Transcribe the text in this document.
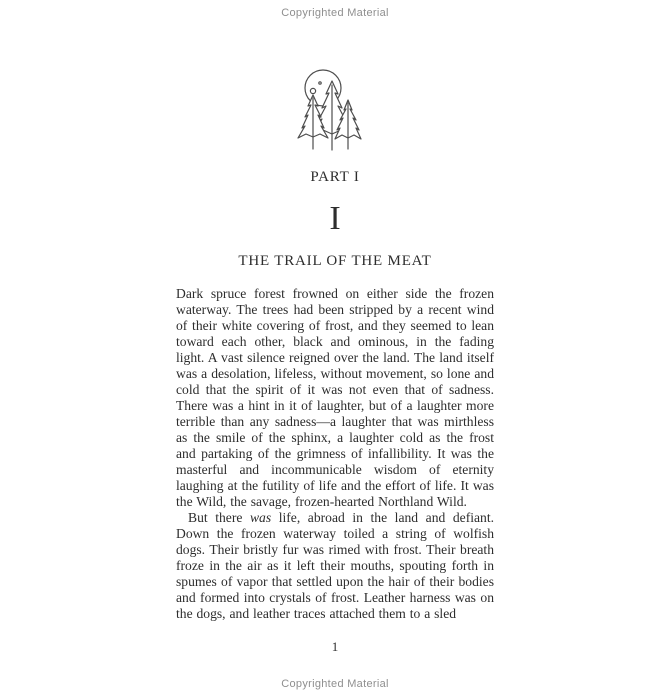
Copyrighted Material
PART I
I
THE TRAIL OF THE MEAT

Dark spruce forest frowned on either side the frozen waterway. The trees had been stripped by a recent wind of their white covering of frost, and they seemed to lean toward each other, black and ominous, in the fading light. A vast silence reigned over the land. The land itself was a desolation, lifeless, without movement, so lone and cold that the spirit of it was not even that of sadness. There was a hint in it of laughter, but of a laughter more terrible than any sadness—a laughter that was mirthless as the smile of the sphinx, a laughter cold as the frost and partaking of the grimness of infallibility. It was the masterful and incommunicable wisdom of eternity laughing at the futility of life and the effort of life. It was the Wild, the savage, frozen-hearted Northland Wild.

But there was life, abroad in the land and defiant. Down the frozen waterway toiled a string of wolfish dogs. Their bristly fur was rimed with frost. Their breath froze in the air as it left their mouths, spouting forth in spumes of vapor that settled upon the hair of their bodies and formed into crystals of frost. Leather harness was on the dogs, and leather traces attached them to a sled

1
Copyrighted Material
